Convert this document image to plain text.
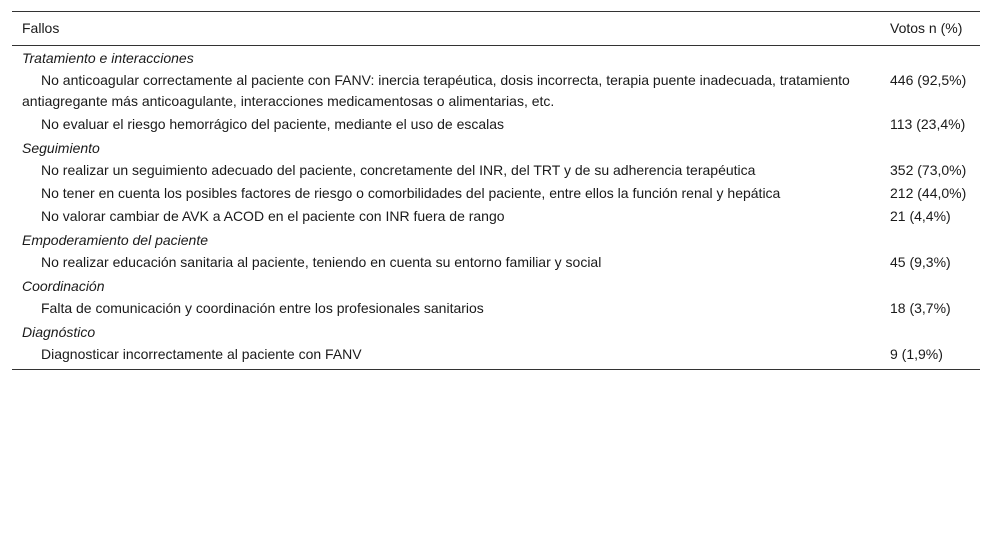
Fallos	Votos n (%)
Tratamiento e interacciones	
No anticoagular correctamente al paciente con FANV: inercia terapéutica, dosis incorrecta, terapia puente inadecuada, tratamiento antiagregante más anticoagulante, interacciones medicamentosas o alimentarias, etc.	446 (92,5%)
No evaluar el riesgo hemorrágico del paciente, mediante el uso de escalas	113 (23,4%)
Seguimiento	
No realizar un seguimiento adecuado del paciente, concretamente del INR, del TRT y de su adherencia terapéutica	352 (73,0%)
No tener en cuenta los posibles factores de riesgo o comorbilidades del paciente, entre ellos la función renal y hepática	212 (44,0%)
No valorar cambiar de AVK a ACOD en el paciente con INR fuera de rango	21 (4,4%)
Empoderamiento del paciente	
No realizar educación sanitaria al paciente, teniendo en cuenta su entorno familiar y social	45 (9,3%)
Coordinación	
Falta de comunicación y coordinación entre los profesionales sanitarios	18 (3,7%)
Diagnóstico	
Diagnosticar incorrectamente al paciente con FANV	9 (1,9%)
